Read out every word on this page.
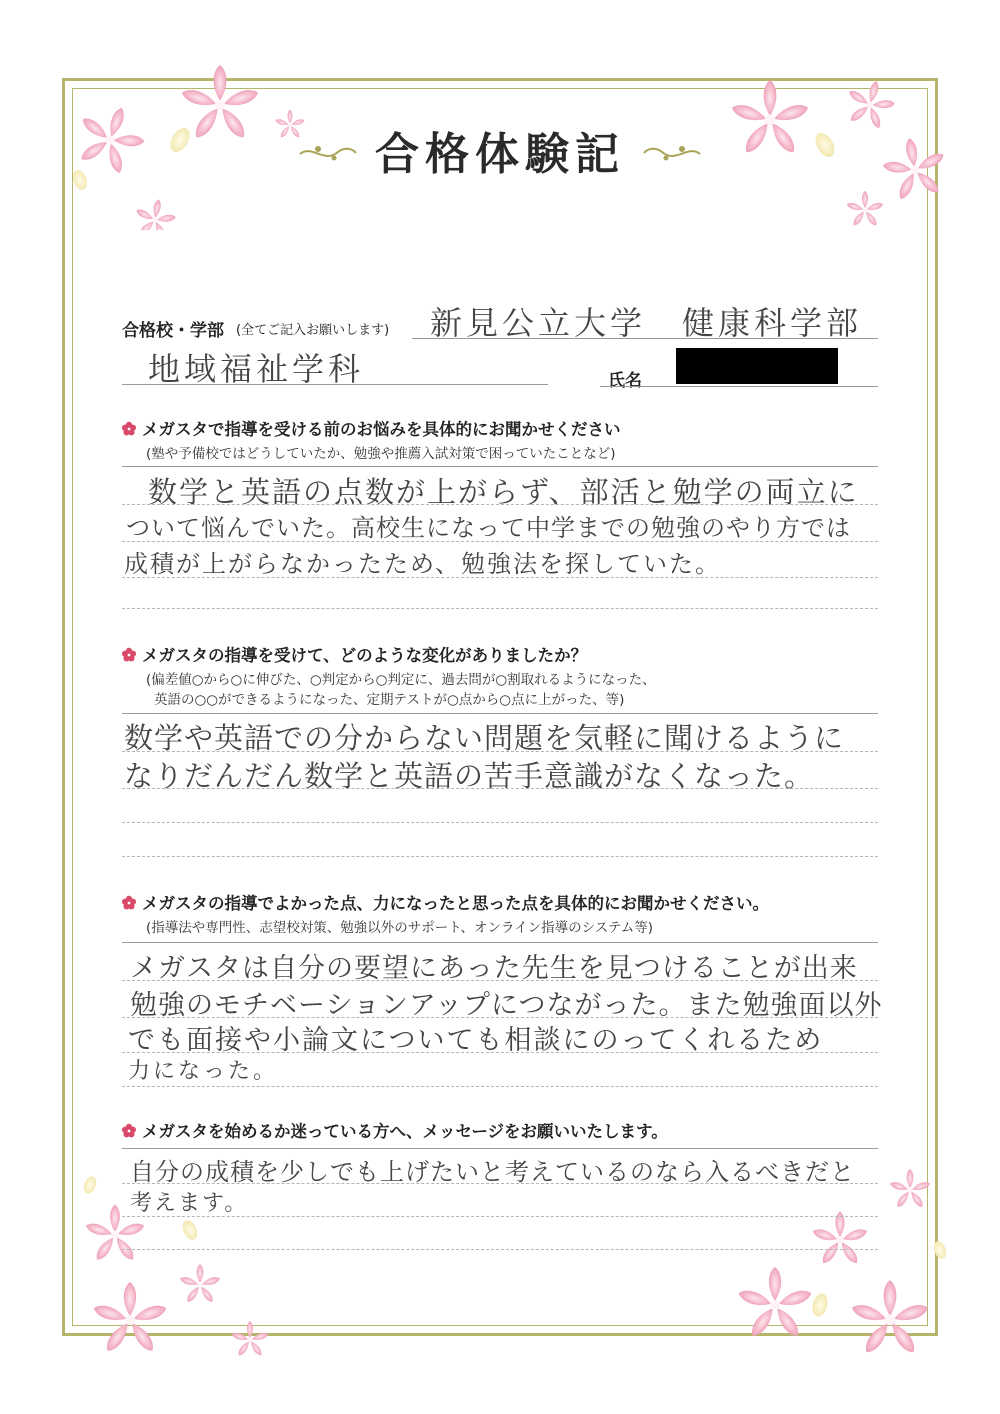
合格体験記
合格校・学部 (全てご記入お願いします) 新見公立大学　健康科学部
地域福祉学科	氏名
メガスタで指導を受ける前のお悩みを具体的にお聞かせください
(塾や予備校ではどうしていたか、勉強や推薦入試対策で困っていたことなど)
数学と英語の点数が上がらず、部活と勉学の両立に
ついて悩んでいた。高校生になって中学までの勉強のやり方では
成積が上がらなかったため、勉強法を探していた。
メガスタの指導を受けて、どのような変化がありましたか？
(偏差値○から○に伸びた、○判定から○判定に、過去問が○割取れるようになった、
英語の○○ができるようになった、定期テストが○点から○点に上がった、等)
数学や英語での分からない問題を気軽に聞けるように
なりだんだん数学と英語の苦手意識がなくなった。
メガスタの指導でよかった点、力になったと思った点を具体的にお聞かせください。
(指導法や専門性、志望校対策、勉強以外のサポート、オンライン指導のシステム等)
メガスタは自分の要望にあった先生を見つけることが出来
勉強のモチベーションアップにつながった。また勉強面以外
でも面接や小論文についても相談にのってくれるため
力になった。
メガスタを始めるか迷っている方へ、メッセージをお願いいたします。
自分の成積を少しでも上げたいと考えているのなら入るべきだと
考えます。
